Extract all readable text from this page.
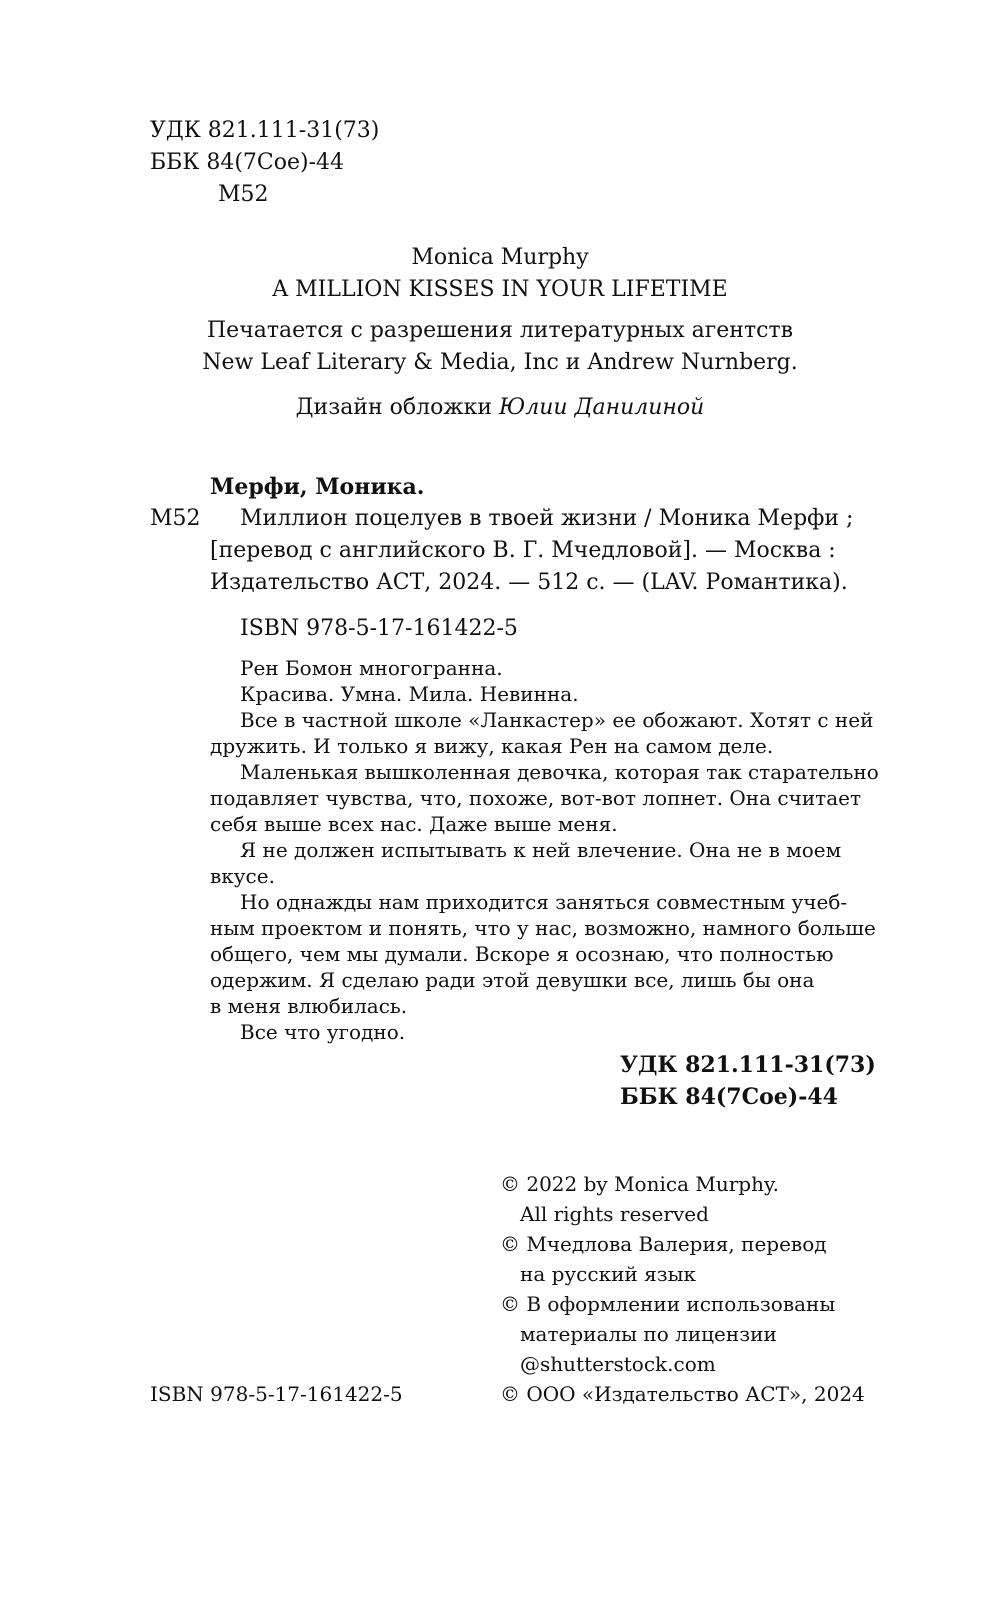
УДК 821.111-31(73)
ББК 84(7Сое)-44
М52
Monica Murphy
A MILLION KISSES IN YOUR LIFETIME
Печатается с разрешения литературных агентств
New Leaf Literary & Media, Inc и Andrew Nurnberg.
Дизайн обложки Юлии Данилиной
Мерфи, Моника.
М52 Миллион поцелуев в твоей жизни / Моника Мерфи ;
[перевод с английского В. Г. Мчедловой]. — Москва :
Издательство АСТ, 2024. — 512 с. — (LAV. Романтика).
ISBN 978-5-17-161422-5
Рен Бомон многогранна.
Красива. Умна. Мила. Невинна.
Все в частной школе «Ланкастер» ее обожают. Хотят с ней
дружить. И только я вижу, какая Рен на самом деле.
Маленькая вышколенная девочка, которая так старательно
подавляет чувства, что, похоже, вот-вот лопнет. Она считает
себя выше всех нас. Даже выше меня.
Я не должен испытывать к ней влечение. Она не в моем
вкусе.
Но однажды нам приходится заняться совместным учеб-
ным проектом и понять, что у нас, возможно, намного больше
общего, чем мы думали. Вскоре я осознаю, что полностью
одержим. Я сделаю ради этой девушки все, лишь бы она
в меня влюбилась.
Все что угодно.
УДК 821.111-31(73)
ББК 84(7Сое)-44
© 2022 by Monica Murphy.
All rights reserved
© Мчедлова Валерия, перевод
на русский язык
© В оформлении использованы
материалы по лицензии
@shutterstock.com
© ООО «Издательство АСТ», 2024
ISBN 978-5-17-161422-5
